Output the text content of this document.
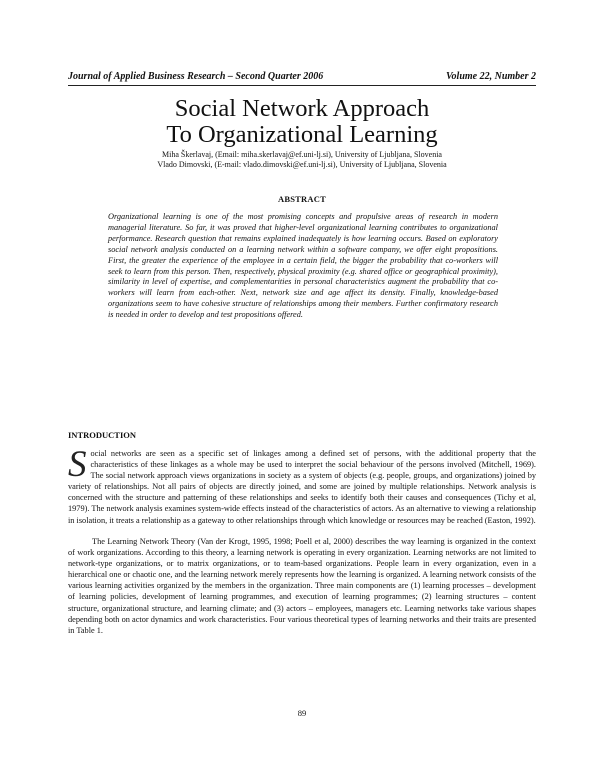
Journal of Applied Business Research – Second Quarter 2006	Volume 22, Number 2
Social Network Approach
To Organizational Learning
Miha Škerlavaj, (Email: miha.skerlavaj@ef.uni-lj.si), University of Ljubljana, Slovenia
Vlado Dimovski, (E-mail: vlado.dimovski@ef.uni-lj.si), University of Ljubljana, Slovenia
ABSTRACT
Organizational learning is one of the most promising concepts and propulsive areas of research in modern managerial literature. So far, it was proved that higher-level organizational learning contributes to organizational performance. Research question that remains explained inadequately is how learning occurs. Based on exploratory social network analysis conducted on a learning network within a software company, we offer eight propositions. First, the greater the experience of the employee in a certain field, the bigger the probability that co-workers will seek to learn from this person. Then, respectively, physical proximity (e.g. shared office or geographical proximity), similarity in level of expertise, and complementarities in personal characteristics augment the probability that co-workers will learn from each-other. Next, network size and age affect its density. Finally, knowledge-based organizations seem to have cohesive structure of relationships among their members. Further confirmatory research is needed in order to develop and test propositions offered.
INTRODUCTION
Social networks are seen as a specific set of linkages among a defined set of persons, with the additional property that the characteristics of these linkages as a whole may be used to interpret the social behaviour of the persons involved (Mitchell, 1969). The social network approach views organizations in society as a system of objects (e.g. people, groups, and organizations) joined by variety of relationships. Not all pairs of objects are directly joined, and some are joined by multiple relationships. Network analysis is concerned with the structure and patterning of these relationships and seeks to identify both their causes and consequences (Tichy et al, 1979). The network analysis examines system-wide effects instead of the characteristics of actors. As an alternative to viewing a relationship in isolation, it treats a relationship as a gateway to other relationships through which knowledge or resources may be reached (Easton, 1992).
The Learning Network Theory (Van der Krogt, 1995, 1998; Poell et al, 2000) describes the way learning is organized in the context of work organizations. According to this theory, a learning network is operating in every organization. Learning networks are not limited to network-type organizations, or to matrix organizations, or to team-based organizations. People learn in every organization, even in a hierarchical one or chaotic one, and the learning network merely represents how the learning is organized. A learning network consists of the various learning activities organized by the members in the organization. Three main components are (1) learning processes – development of learning policies, development of learning programmes, and execution of learning programmes; (2) learning structures – content structure, organizational structure, and learning climate; and (3) actors – employees, managers etc. Learning networks take various shapes depending both on actor dynamics and work characteristics. Four various theoretical types of learning networks and their traits are presented in Table 1.
89
